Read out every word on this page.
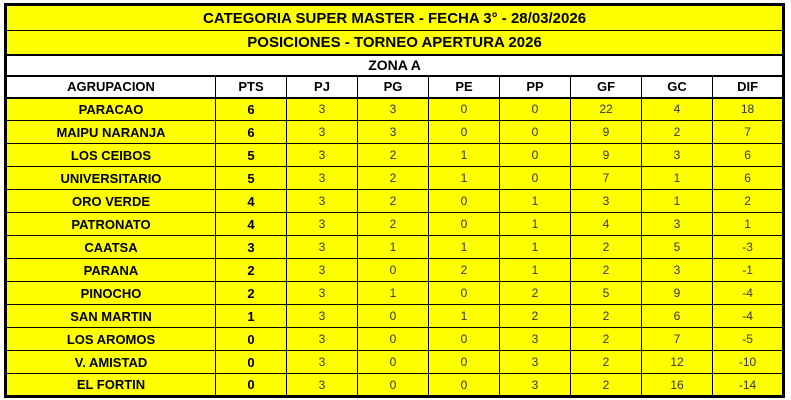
CATEGORIA SUPER MASTER - FECHA 3° - 28/03/2026								
POSICIONES - TORNEO APERTURA 2026								
ZONA A								
AGRUPACION	PTS	PJ	PG	PE	PP	GF	GC	DIF
PARACAO	6	3	3	0	0	22	4	18
MAIPU NARANJA	6	3	3	0	0	9	2	7
LOS CEIBOS	5	3	2	1	0	9	3	6
UNIVERSITARIO	5	3	2	1	0	7	1	6
ORO VERDE	4	3	2	0	1	3	1	2
PATRONATO	4	3	2	0	1	4	3	1
CAATSA	3	3	1	1	1	2	5	-3
PARANA	2	3	0	2	1	2	3	-1
PINOCHO	2	3	1	0	2	5	9	-4
SAN MARTIN	1	3	0	1	2	2	6	-4
LOS AROMOS	0	3	0	0	3	2	7	-5
V. AMISTAD	0	3	0	0	3	2	12	-10
EL FORTIN	0	3	0	0	3	2	16	-14
